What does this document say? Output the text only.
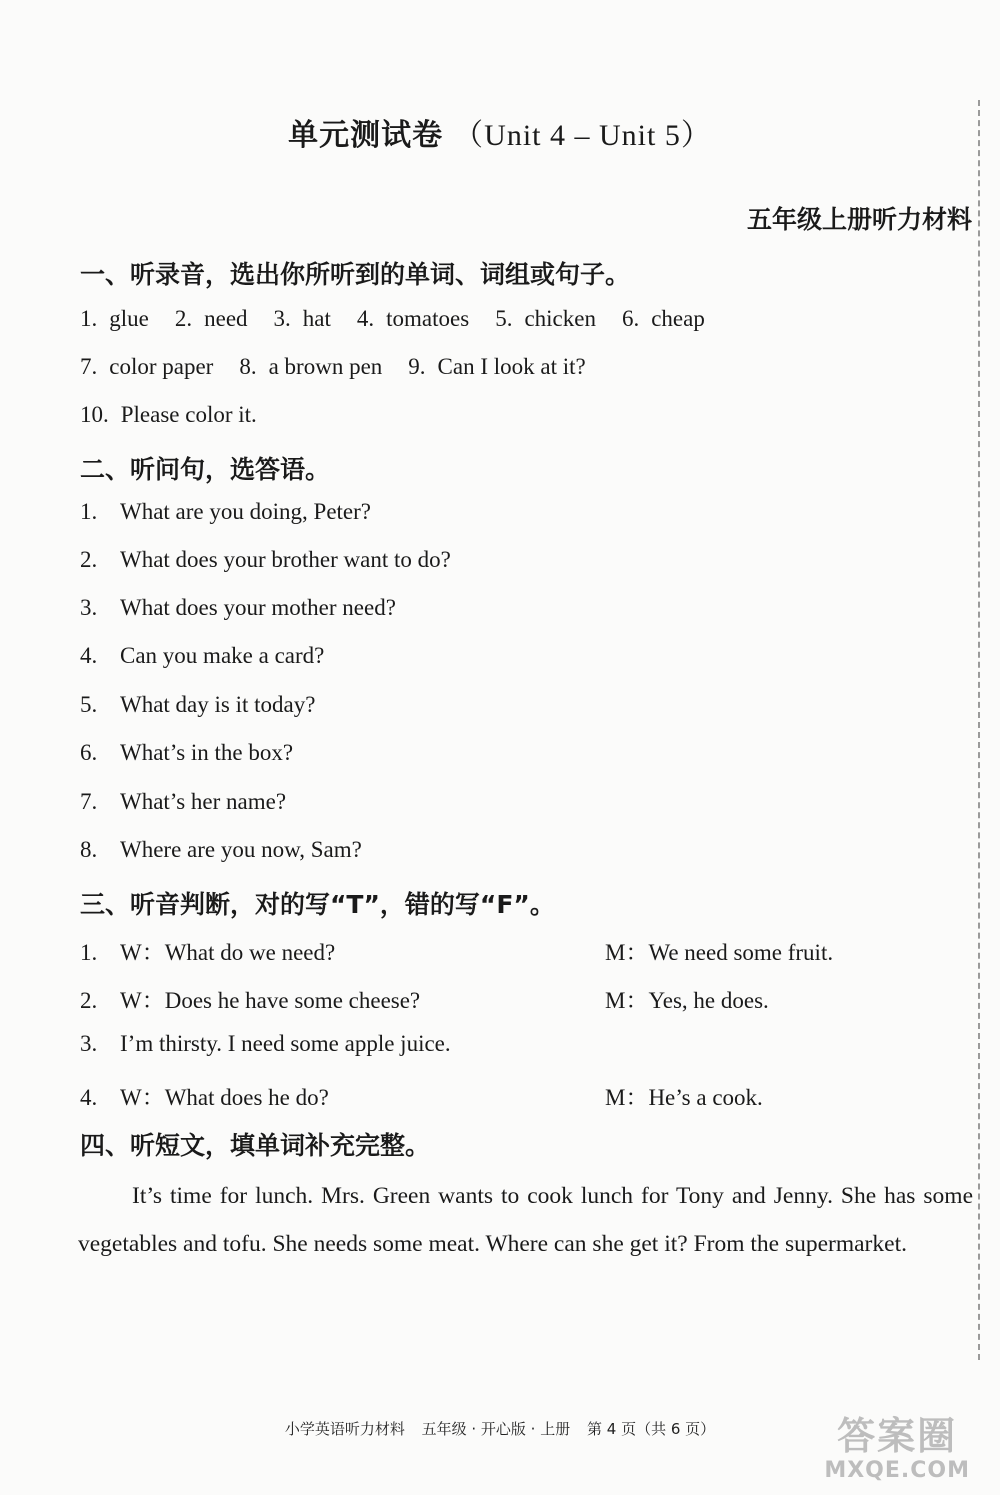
单元测试卷 （Unit 4 – Unit 5）
五年级上册听力材料
一、听录音，选出你所听到的单词、词组或句子。
1. glue 2. need 3. hat 4. tomatoes 5. chicken 6. cheap
7. color paper 8. a brown pen 9. Can I look at it?
10. Please color it.
二、听问句，选答语。
1. What are you doing, Peter?
2. What does your brother want to do?
3. What does your mother need?
4. Can you make a card?
5. What day is it today?
6. What’s in the box?
7. What’s her name?
8. Where are you now, Sam?
三、听音判断，对的写“T”，错的写“F”。
1. W：What do we need?	M：We need some fruit.
2. W：Does he have some cheese?	M：Yes, he does.
3. I’m thirsty. I need some apple juice.
4. W：What does he do?	M：He’s a cook.
四、听短文，填单词补充完整。
It’s time for lunch. Mrs. Green wants to cook lunch for Tony and Jenny. She has some vegetables and tofu. She needs some meat. Where can she get it? From the supermarket.
小学英语听力材料 五年级 · 开心版 · 上册 第 4 页（共 6 页）	答案圈
MXQE.COM
